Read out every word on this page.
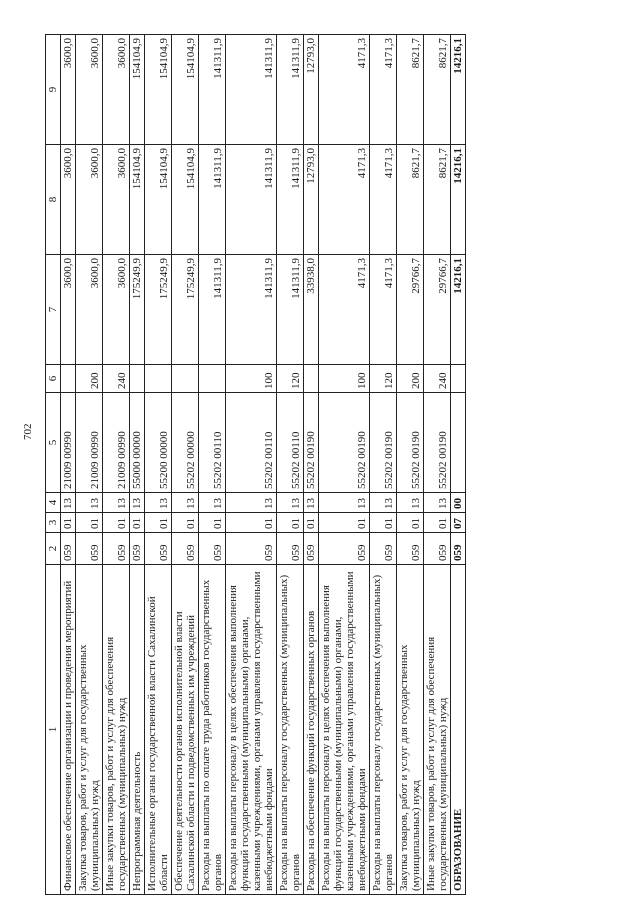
702
1	2	3	4	5	6	7	8	9
Финансовое обеспечение организации и проведения мероприятий	059	01	13	21009 00990		3600,0	3600,0	3600,0
Закупка товаров, работ и услуг для государственных (муниципальных) нужд	059	01	13	21009 00990	200	3600,0	3600,0	3600,0
Иные закупки товаров, работ и услуг для обеспечения государственных (муниципальных) нужд	059	01	13	21009 00990	240	3600,0	3600,0	3600,0
Непрограммная деятельность	059	01	13	55000 00000		175249,9	154104,9	154104,9
Исполнительные органы государственной власти Сахалинской области	059	01	13	55200 00000		175249,9	154104,9	154104,9
Обеспечение деятельности органов исполнительной власти Сахалинской области и подведомственных им учреждений	059	01	13	55202 00000		175249,9	154104,9	154104,9
Расходы на выплаты по оплате труда работников государственных органов	059	01	13	55202 00110		141311,9	141311,9	141311,9
Расходы на выплаты персоналу в целях обеспечения выполнения функций государственными (муниципальными) органами, казенными учреждениями, органами управления государственными внебюджетными фондами	059	01	13	55202 00110	100	141311,9	141311,9	141311,9
Расходы на выплаты персоналу государственных (муниципальных) органов	059	01	13	55202 00110	120	141311,9	141311,9	141311,9
Расходы на обеспечение функций государственных органов	059	01	13	55202 00190		33938,0	12793,0	12793,0
Расходы на выплаты персоналу в целях обеспечения выполнения функций государственными (муниципальными) органами, казенными учреждениями, органами управления государственными внебюджетными фондами	059	01	13	55202 00190	100	4171,3	4171,3	4171,3
Расходы на выплаты персоналу государственных (муниципальных) органов	059	01	13	55202 00190	120	4171,3	4171,3	4171,3
Закупка товаров, работ и услуг для государственных (муниципальных) нужд	059	01	13	55202 00190	200	29766,7	8621,7	8621,7
Иные закупки товаров, работ и услуг для обеспечения государственных (муниципальных) нужд	059	01	13	55202 00190	240	29766,7	8621,7	8621,7
ОБРАЗОВАНИЕ	059	07	00			14216,1	14216,1	14216,1
